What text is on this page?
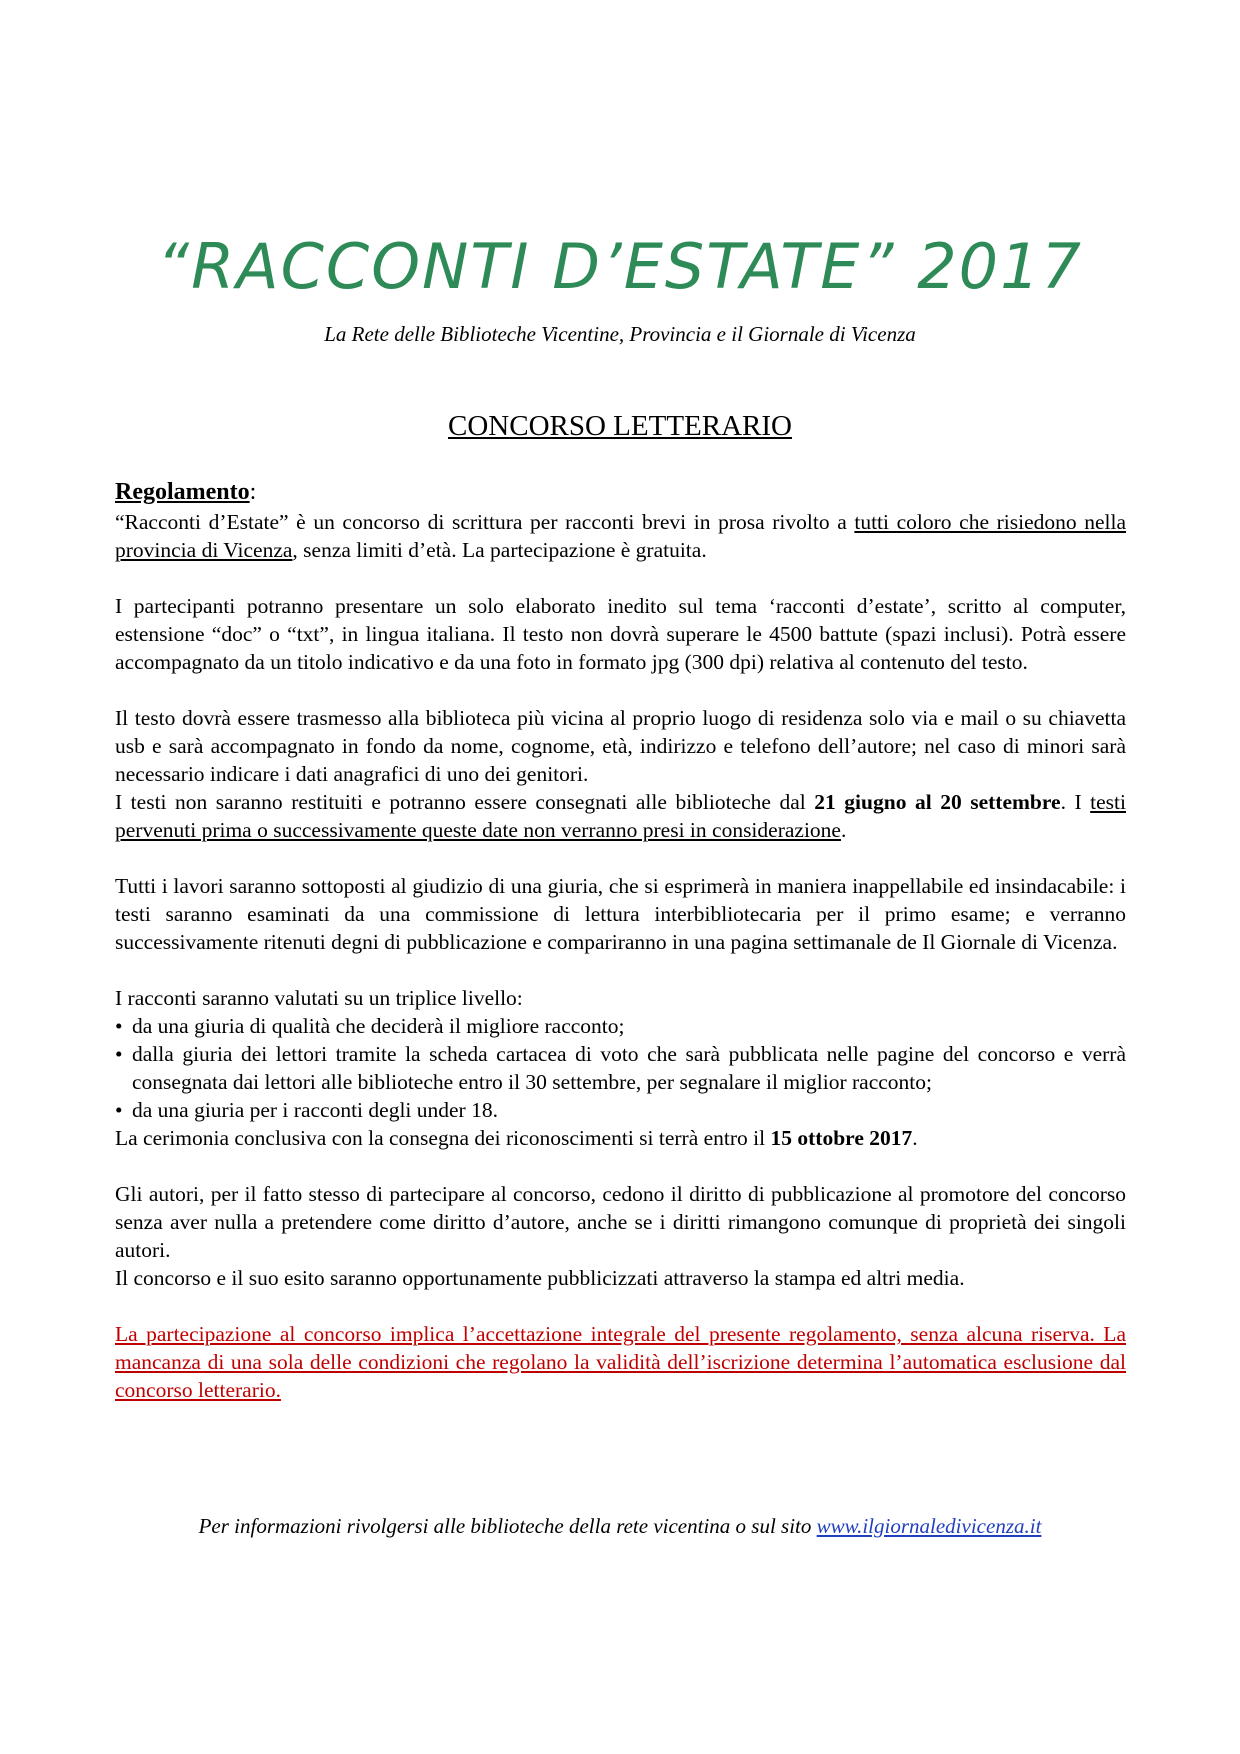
“RACCONTI D’ESTATE” 2017

La Rete delle Biblioteche Vicentine, Provincia e il Giornale di Vicenza

CONCORSO LETTERARIO

Regolamento:

“Racconti d’Estate” è un concorso di scrittura per racconti brevi in prosa rivolto a tutti coloro che risiedono nella provincia di Vicenza, senza limiti d’età. La partecipazione è gratuita.

I partecipanti potranno presentare un solo elaborato inedito sul tema ‘racconti d’estate’, scritto al computer, estensione “doc” o “txt”, in lingua italiana. Il testo non dovrà superare le 4500 battute (spazi inclusi). Potrà essere accompagnato da un titolo indicativo e da una foto in formato jpg (300 dpi) relativa al contenuto del testo.

Il testo dovrà essere trasmesso alla biblioteca più vicina al proprio luogo di residenza solo via e mail o su chiavetta usb e sarà accompagnato in fondo da nome, cognome, età, indirizzo e telefono dell’autore; nel caso di minori sarà necessario indicare i dati anagrafici di uno dei genitori.

I testi non saranno restituiti e potranno essere consegnati alle biblioteche dal 21 giugno al 20 settembre. I testi pervenuti prima o successivamente queste date non verranno presi in considerazione.

Tutti i lavori saranno sottoposti al giudizio di una giuria, che si esprimerà in maniera inappellabile ed insindacabile: i testi saranno esaminati da una commissione di lettura interbibliotecaria per il primo esame; e verranno successivamente ritenuti degni di pubblicazione e compariranno in una pagina settimanale de Il Giornale di Vicenza.

I racconti saranno valutati su un triplice livello:

• da una giuria di qualità che deciderà il migliore racconto;
• dalla giuria dei lettori tramite la scheda cartacea di voto che sarà pubblicata nelle pagine del concorso e verrà consegnata dai lettori alle biblioteche entro il 30 settembre, per segnalare il miglior racconto;
• da una giuria per i racconti degli under 18.

La cerimonia conclusiva con la consegna dei riconoscimenti si terrà entro il 15 ottobre 2017.

Gli autori, per il fatto stesso di partecipare al concorso, cedono il diritto di pubblicazione al promotore del concorso senza aver nulla a pretendere come diritto d’autore, anche se i diritti rimangono comunque di proprietà dei singoli autori.

Il concorso e il suo esito saranno opportunamente pubblicizzati attraverso la stampa ed altri media.

La partecipazione al concorso implica l’accettazione integrale del presente regolamento, senza alcuna riserva. La mancanza di una sola delle condizioni che regolano la validità dell’iscrizione determina l’automatica esclusione dal concorso letterario.

Per informazioni rivolgersi alle biblioteche della rete vicentina o sul sito www.ilgiornaledivicenza.it
